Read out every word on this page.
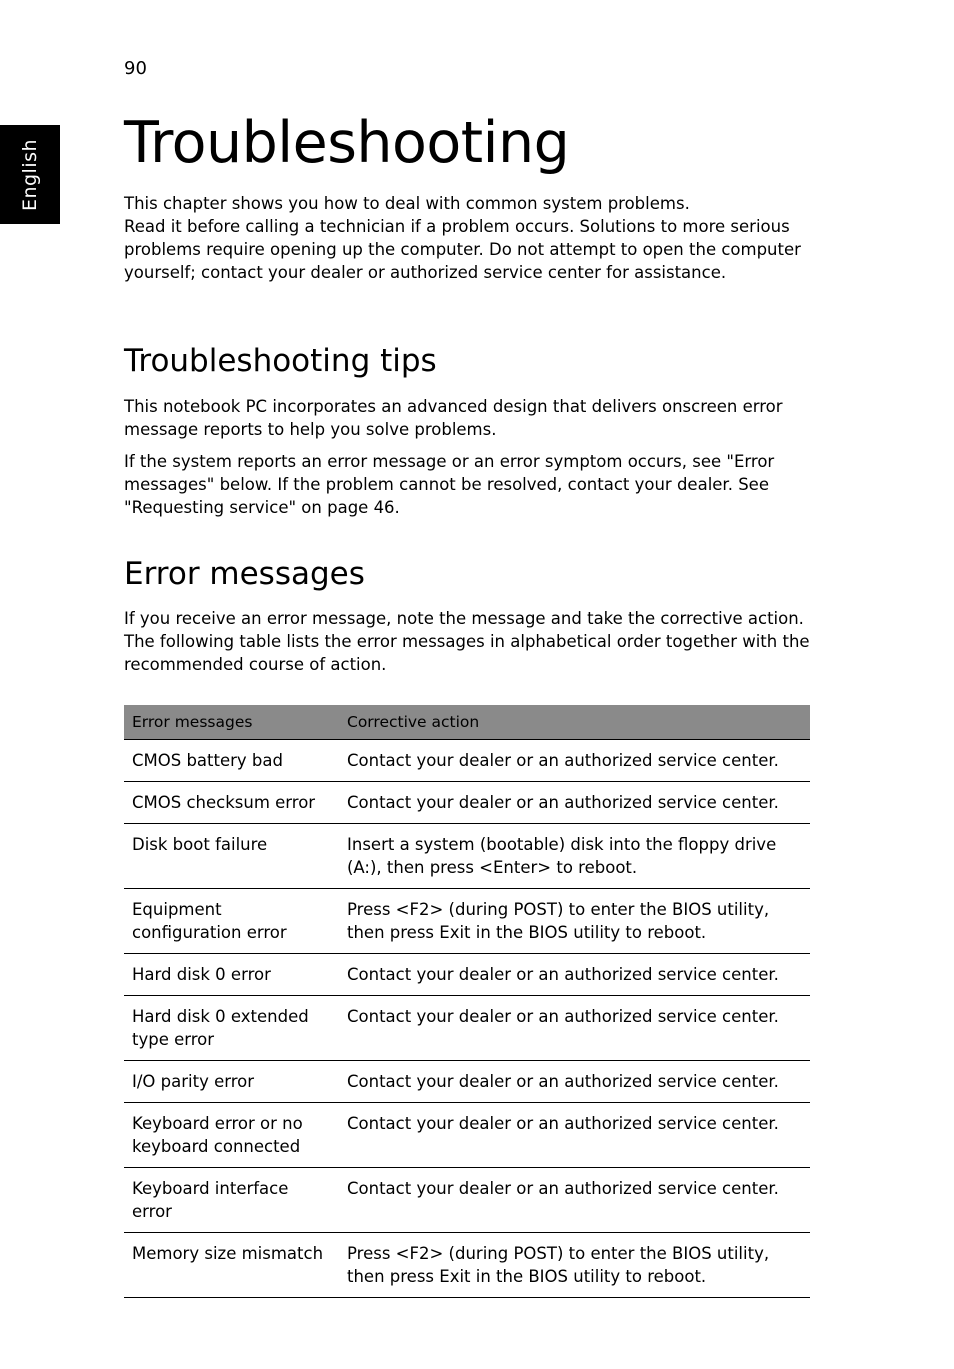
90
English Troubleshooting

This chapter shows you how to deal with common system problems.

Read it before calling a technician if a problem occurs. Solutions to more serious problems require opening up the computer. Do not attempt to open the computer yourself; contact your dealer or authorized service center for assistance.

Troubleshooting tips

This notebook PC incorporates an advanced design that delivers onscreen error message reports to help you solve problems.

If the system reports an error message or an error symptom occurs, see "Error messages" below. If the problem cannot be resolved, contact your dealer. See "Requesting service" on page 46.

Error messages

If you receive an error message, note the message and take the corrective action. The following table lists the error messages in alphabetical order together with the recommended course of action.

Error messages	Corrective action
CMOS battery bad	Contact your dealer or an authorized service center.
CMOS checksum error	Contact your dealer or an authorized service center.
Disk boot failure	Insert a system (bootable) disk into the floppy drive (A:), then press <Enter> to reboot.
Equipment configuration error	Press <F2> (during POST) to enter the BIOS utility, then press Exit in the BIOS utility to reboot.
Hard disk 0 error	Contact your dealer or an authorized service center.
Hard disk 0 extended type error	Contact your dealer or an authorized service center.
I/O parity error	Contact your dealer or an authorized service center.
Keyboard error or no keyboard connected	Contact your dealer or an authorized service center.
Keyboard interface error	Contact your dealer or an authorized service center.
Memory size mismatch	Press <F2> (during POST) to enter the BIOS utility, then press Exit in the BIOS utility to reboot.
